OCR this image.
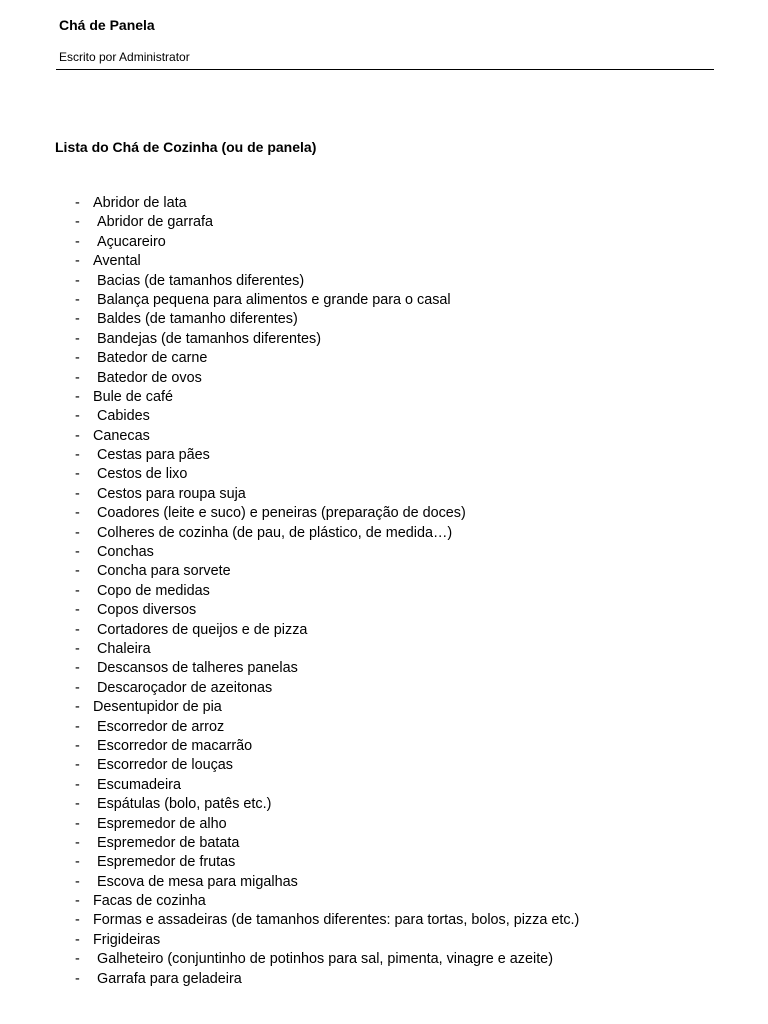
Chá de Panela
Escrito por Administrator
Lista do Chá de Cozinha (ou de panela)
- Abridor de lata
- Abridor de garrafa
- Açucareiro
- Avental
- Bacias (de tamanhos diferentes)
- Balança pequena para alimentos e grande para o casal
- Baldes (de tamanho diferentes)
- Bandejas (de tamanhos diferentes)
- Batedor de carne
- Batedor de ovos
- Bule de café
- Cabides
- Canecas
- Cestas para pães
- Cestos de lixo
- Cestos para roupa suja
- Coadores (leite e suco) e peneiras (preparação de doces)
- Colheres de cozinha (de pau, de plástico, de medida…)
- Conchas
- Concha para sorvete
- Copo de medidas
- Copos diversos
- Cortadores de queijos e de pizza
- Chaleira
- Descansos de talheres panelas
- Descaroçador de azeitonas
- Desentupidor de pia
- Escorredor de arroz
- Escorredor de macarrão
- Escorredor de louças
- Escumadeira
- Espátulas (bolo, patês etc.)
- Espremedor de alho
- Espremedor de batata
- Espremedor de frutas
- Escova de mesa para migalhas
- Facas de cozinha
- Formas e assadeiras (de tamanhos diferentes: para tortas, bolos, pizza etc.)
- Frigideiras
- Galheteiro (conjuntinho de potinhos para sal, pimenta, vinagre e azeite)
- Garrafa para geladeira
